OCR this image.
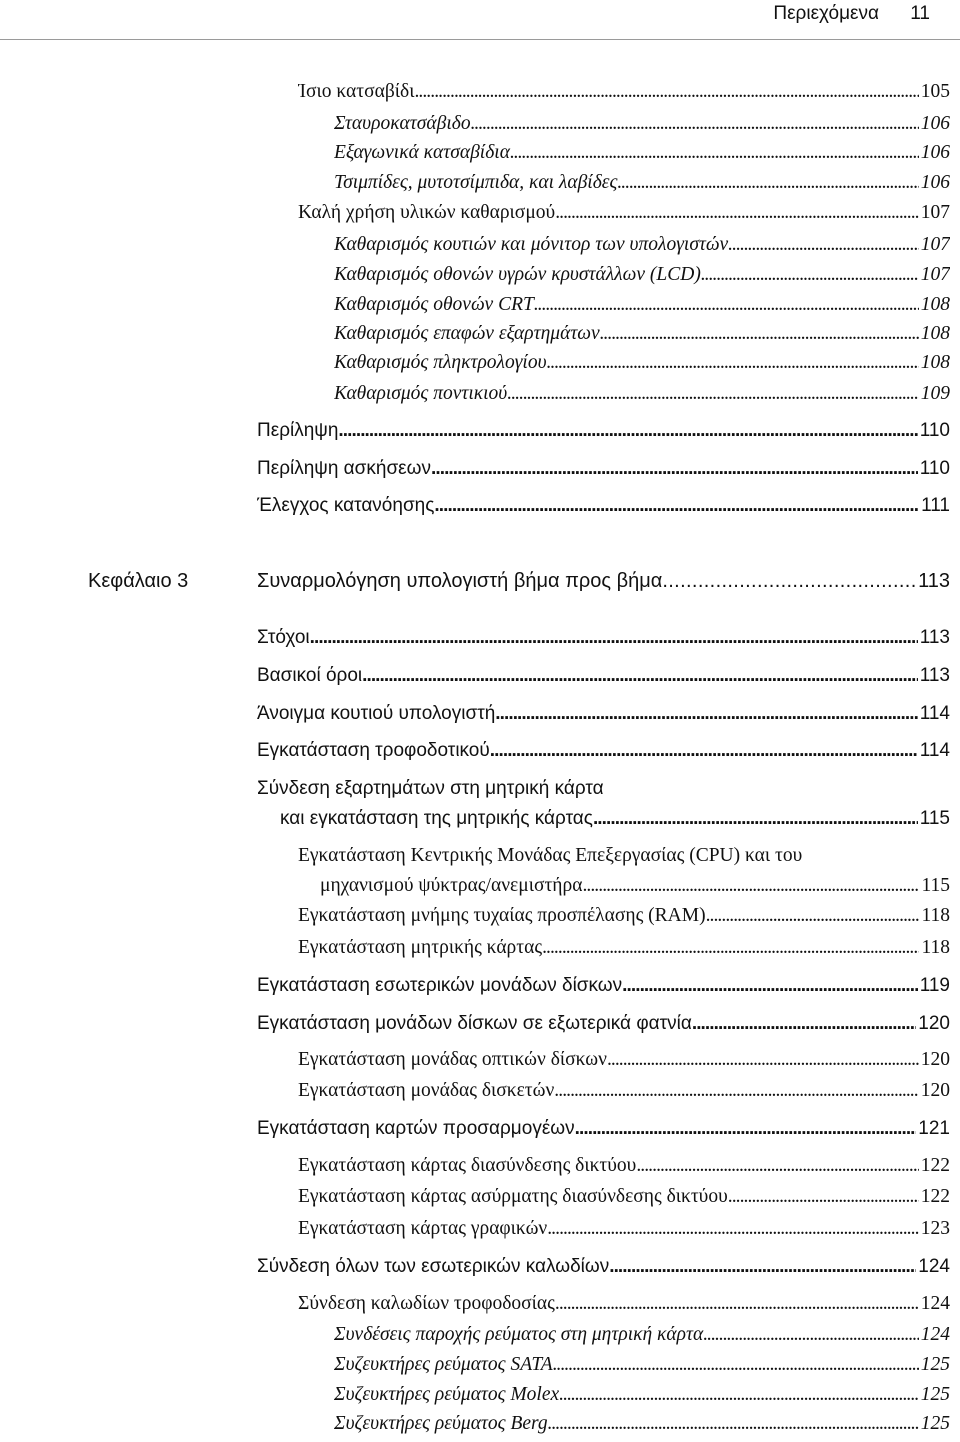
Περιεχόμενα 11
Ίσιο κατσαβίδι . . .	105
Σταυροκατσάβιδο . . .	106
Εξαγωνικά κατσαβίδια . . .	106
Τσιμπίδες, μυτοτσίμπιδα, και λαβίδες . . .	106
Καλή χρήση υλικών καθαρισμού . . .	107
Καθαρισμός κουτιών και μόνιτορ των υπολογιστών . . .	107
Καθαρισμός οθονών υγρών κρυστάλλων (LCD) . . .	107
Καθαρισμός οθονών CRT . . .	108
Καθαρισμός επαφών εξαρτημάτων . . .	108
Καθαρισμός πληκτρολογίου . . .	108
Καθαρισμός ποντικιού . . .	109
Περίληψη . . .	110
Περίληψη ασκήσεων . . .	110
Έλεγχος κατανόησης . . .	111
Κεφάλαιο 3	Συναρμολόγηση υπολογιστή βήμα προς βήμα . . .	113
Στόχοι . . .	113
Βασικοί όροι . . .	113
Άνοιγμα κουτιού υπολογιστή . . .	114
Εγκατάσταση τροφοδοτικού . . .	114
Σύνδεση εξαρτημάτων στη μητρική κάρτα
και εγκατάσταση της μητρικής κάρτας . . .	115
Εγκατάσταση Κεντρικής Μονάδας Επεξεργασίας (CPU) και του
μηχανισμού ψύκτρας/ανεμιστήρα . . .	115
Εγκατάσταση μνήμης τυχαίας προσπέλασης (RAM) . . .	118
Εγκατάσταση μητρικής κάρτας . . .	118
Εγκατάσταση εσωτερικών μονάδων δίσκων . . .	119
Εγκατάσταση μονάδων δίσκων σε εξωτερικά φατνία . . .	120
Εγκατάσταση μονάδας οπτικών δίσκων . . .	120
Εγκατάσταση μονάδας δισκετών . . .	120
Εγκατάσταση καρτών προσαρμογέων . . .	121
Εγκατάσταση κάρτας διασύνδεσης δικτύου . . .	122
Εγκατάσταση κάρτας ασύρματης διασύνδεσης δικτύου . . .	122
Εγκατάσταση κάρτας γραφικών . . .	123
Σύνδεση όλων των εσωτερικών καλωδίων . . .	124
Σύνδεση καλωδίων τροφοδοσίας . . .	124
Συνδέσεις παροχής ρεύματος στη μητρική κάρτα . . .	124
Συζευκτήρες ρεύματος SATA . . .	125
Συζευκτήρες ρεύματος Molex . . .	125
Συζευκτήρες ρεύματος Berg . . .	125
